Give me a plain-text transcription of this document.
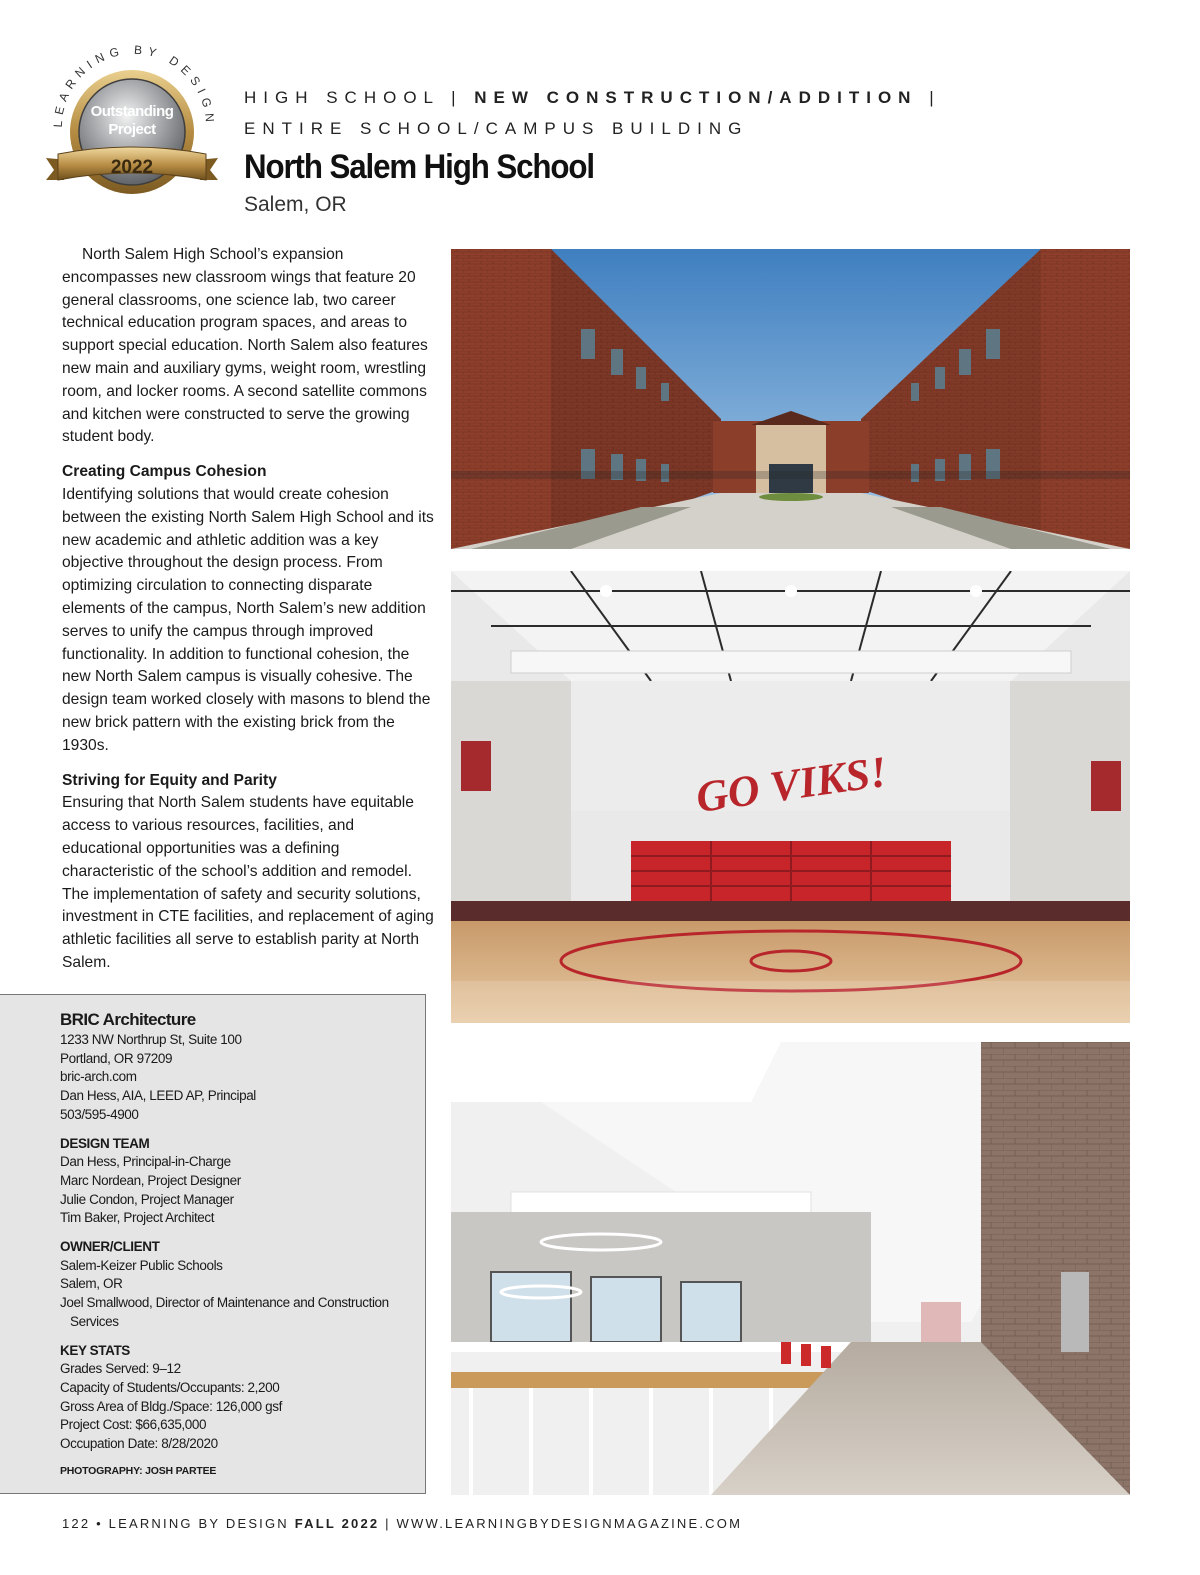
LEARNING BY DESIGN
Outstanding
Project
2022
HIGH SCHOOL | NEW CONSTRUCTION/ADDITION |
ENTIRE SCHOOL/CAMPUS BUILDING
North Salem High School
Salem, OR

North Salem High School’s expansion encompasses new classroom wings that feature 20 general classrooms, one science lab, two career technical education program spaces, and areas to support special education. North Salem also features new main and auxiliary gyms, weight room, wrestling room, and locker rooms. A second satellite commons and kitchen were constructed to serve the growing student body.

Creating Campus Cohesion

Identifying solutions that would create cohesion between the existing North Salem High School and its new academic and athletic addition was a key objective throughout the design process. From optimizing circulation to connecting disparate elements of the campus, North Salem’s new addition serves to unify the campus through improved functionality. In addition to functional cohesion, the new North Salem campus is visually cohesive. The design team worked closely with masons to blend the new brick pattern with the existing brick from the 1930s.

Striving for Equity and Parity

Ensuring that North Salem students have equitable access to various resources, facilities, and educational opportunities was a defining characteristic of the school’s addition and remodel. The implementation of safety and security solutions, investment in CTE facilities, and replacement of aging athletic facilities all serve to establish parity at North Salem.

BRIC Architecture
1233 NW Northrup St, Suite 100
Portland, OR 97209
bric-arch.com
Dan Hess, AIA, LEED AP, Principal
503/595-4900
DESIGN TEAM
Dan Hess, Principal-in-Charge
Marc Nordean, Project Designer
Julie Condon, Project Manager
Tim Baker, Project Architect
OWNER/CLIENT
Salem-Keizer Public Schools
Salem, OR
Joel Smallwood, Director of Maintenance and Construction
Services
KEY STATS
Grades Served: 9–12
Capacity of Students/Occupants: 2,200
Gross Area of Bldg./Space: 126,000 gsf
Project Cost: $66,635,000
Occupation Date: 8/28/2020
PHOTOGRAPHY: JOSH PARTEE
GO VIKS!
122 • LEARNING BY DESIGN FALL 2022 | WWW.LEARNINGBYDESIGNMAGAZINE.COM
